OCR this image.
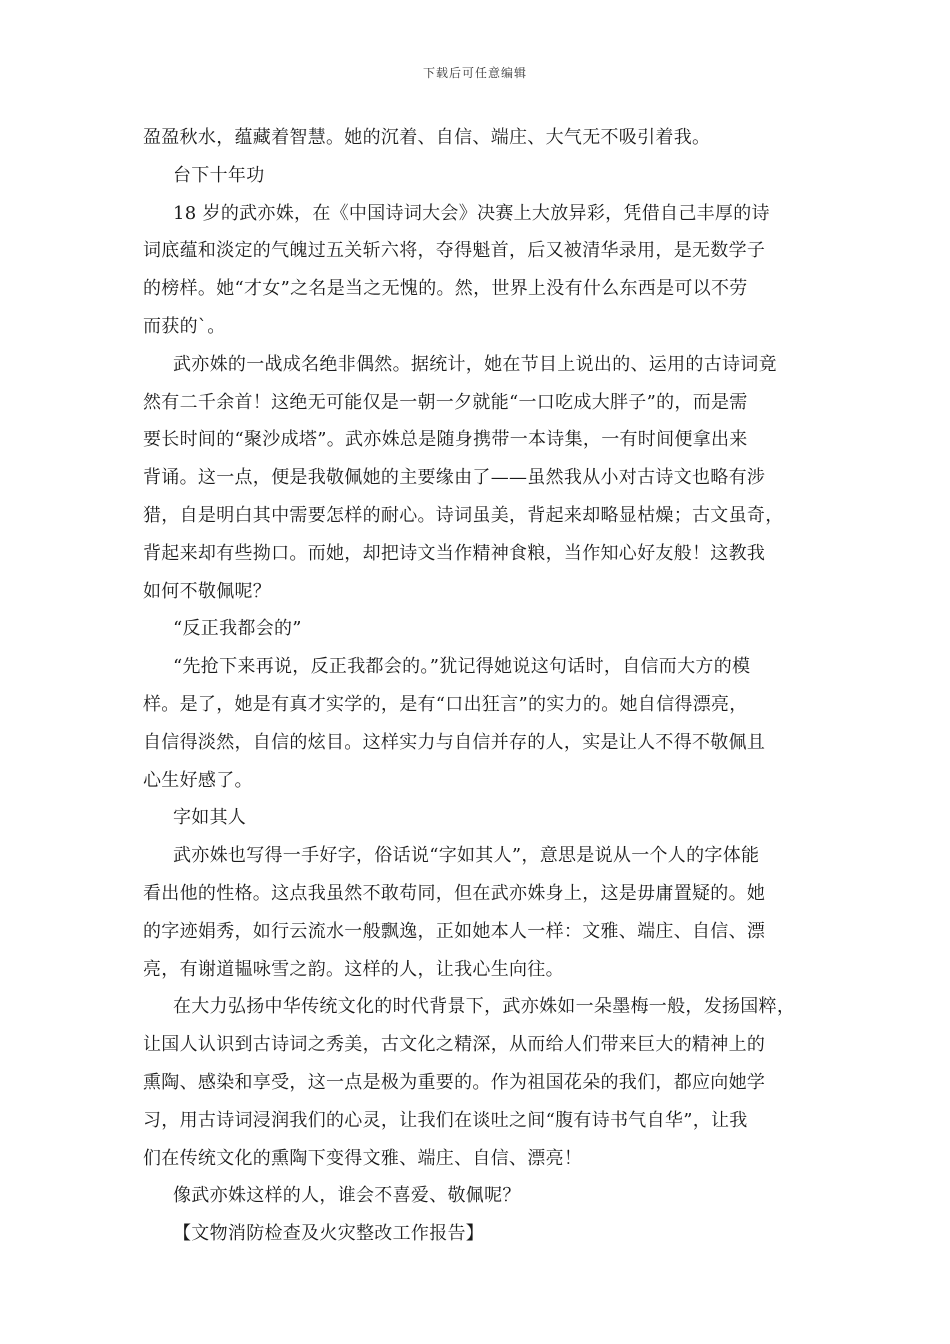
下载后可任意编辑
盈盈秋水，蕴藏着智慧。她的沉着、自信、端庄、大气无不吸引着我。
台下十年功
18 岁的武亦姝，在《中国诗词大会》决赛上大放异彩，凭借自己丰厚的诗
词底蕴和淡定的气魄过五关斩六将，夺得魁首，后又被清华录用，是无数学子
的榜样。她“才女”之名是当之无愧的。然，世界上没有什么东西是可以不劳
而获的`。
武亦姝的一战成名绝非偶然。据统计，她在节目上说出的、运用的古诗词竟
然有二千余首！这绝无可能仅是一朝一夕就能“一口吃成大胖子”的，而是需
要长时间的“聚沙成塔”。武亦姝总是随身携带一本诗集，一有时间便拿出来
背诵。这一点，便是我敬佩她的主要缘由了——虽然我从小对古诗文也略有涉
猎，自是明白其中需要怎样的耐心。诗词虽美，背起来却略显枯燥；古文虽奇，
背起来却有些拗口。而她，却把诗文当作精神食粮，当作知心好友般！这教我
如何不敬佩呢？
“反正我都会的”
“先抢下来再说，反正我都会的。”犹记得她说这句话时，自信而大方的模
样。是了，她是有真才实学的，是有“口出狂言”的实力的。她自信得漂亮，
自信得淡然，自信的炫目。这样实力与自信并存的人，实是让人不得不敬佩且
心生好感了。
字如其人
武亦姝也写得一手好字，俗话说“字如其人”，意思是说从一个人的字体能
看出他的性格。这点我虽然不敢苟同，但在武亦姝身上，这是毋庸置疑的。她
的字迹娟秀，如行云流水一般飘逸，正如她本人一样：文雅、端庄、自信、漂
亮，有谢道韫咏雪之韵。这样的人，让我心生向往。
在大力弘扬中华传统文化的时代背景下，武亦姝如一朵墨梅一般，发扬国粹，
让国人认识到古诗词之秀美，古文化之精深，从而给人们带来巨大的精神上的
熏陶、感染和享受，这一点是极为重要的。作为祖国花朵的我们，都应向她学
习，用古诗词浸润我们的心灵，让我们在谈吐之间“腹有诗书气自华”，让我
们在传统文化的熏陶下变得文雅、端庄、自信、漂亮！
像武亦姝这样的人，谁会不喜爱、敬佩呢？
【文物消防检查及火灾整改工作报告】
